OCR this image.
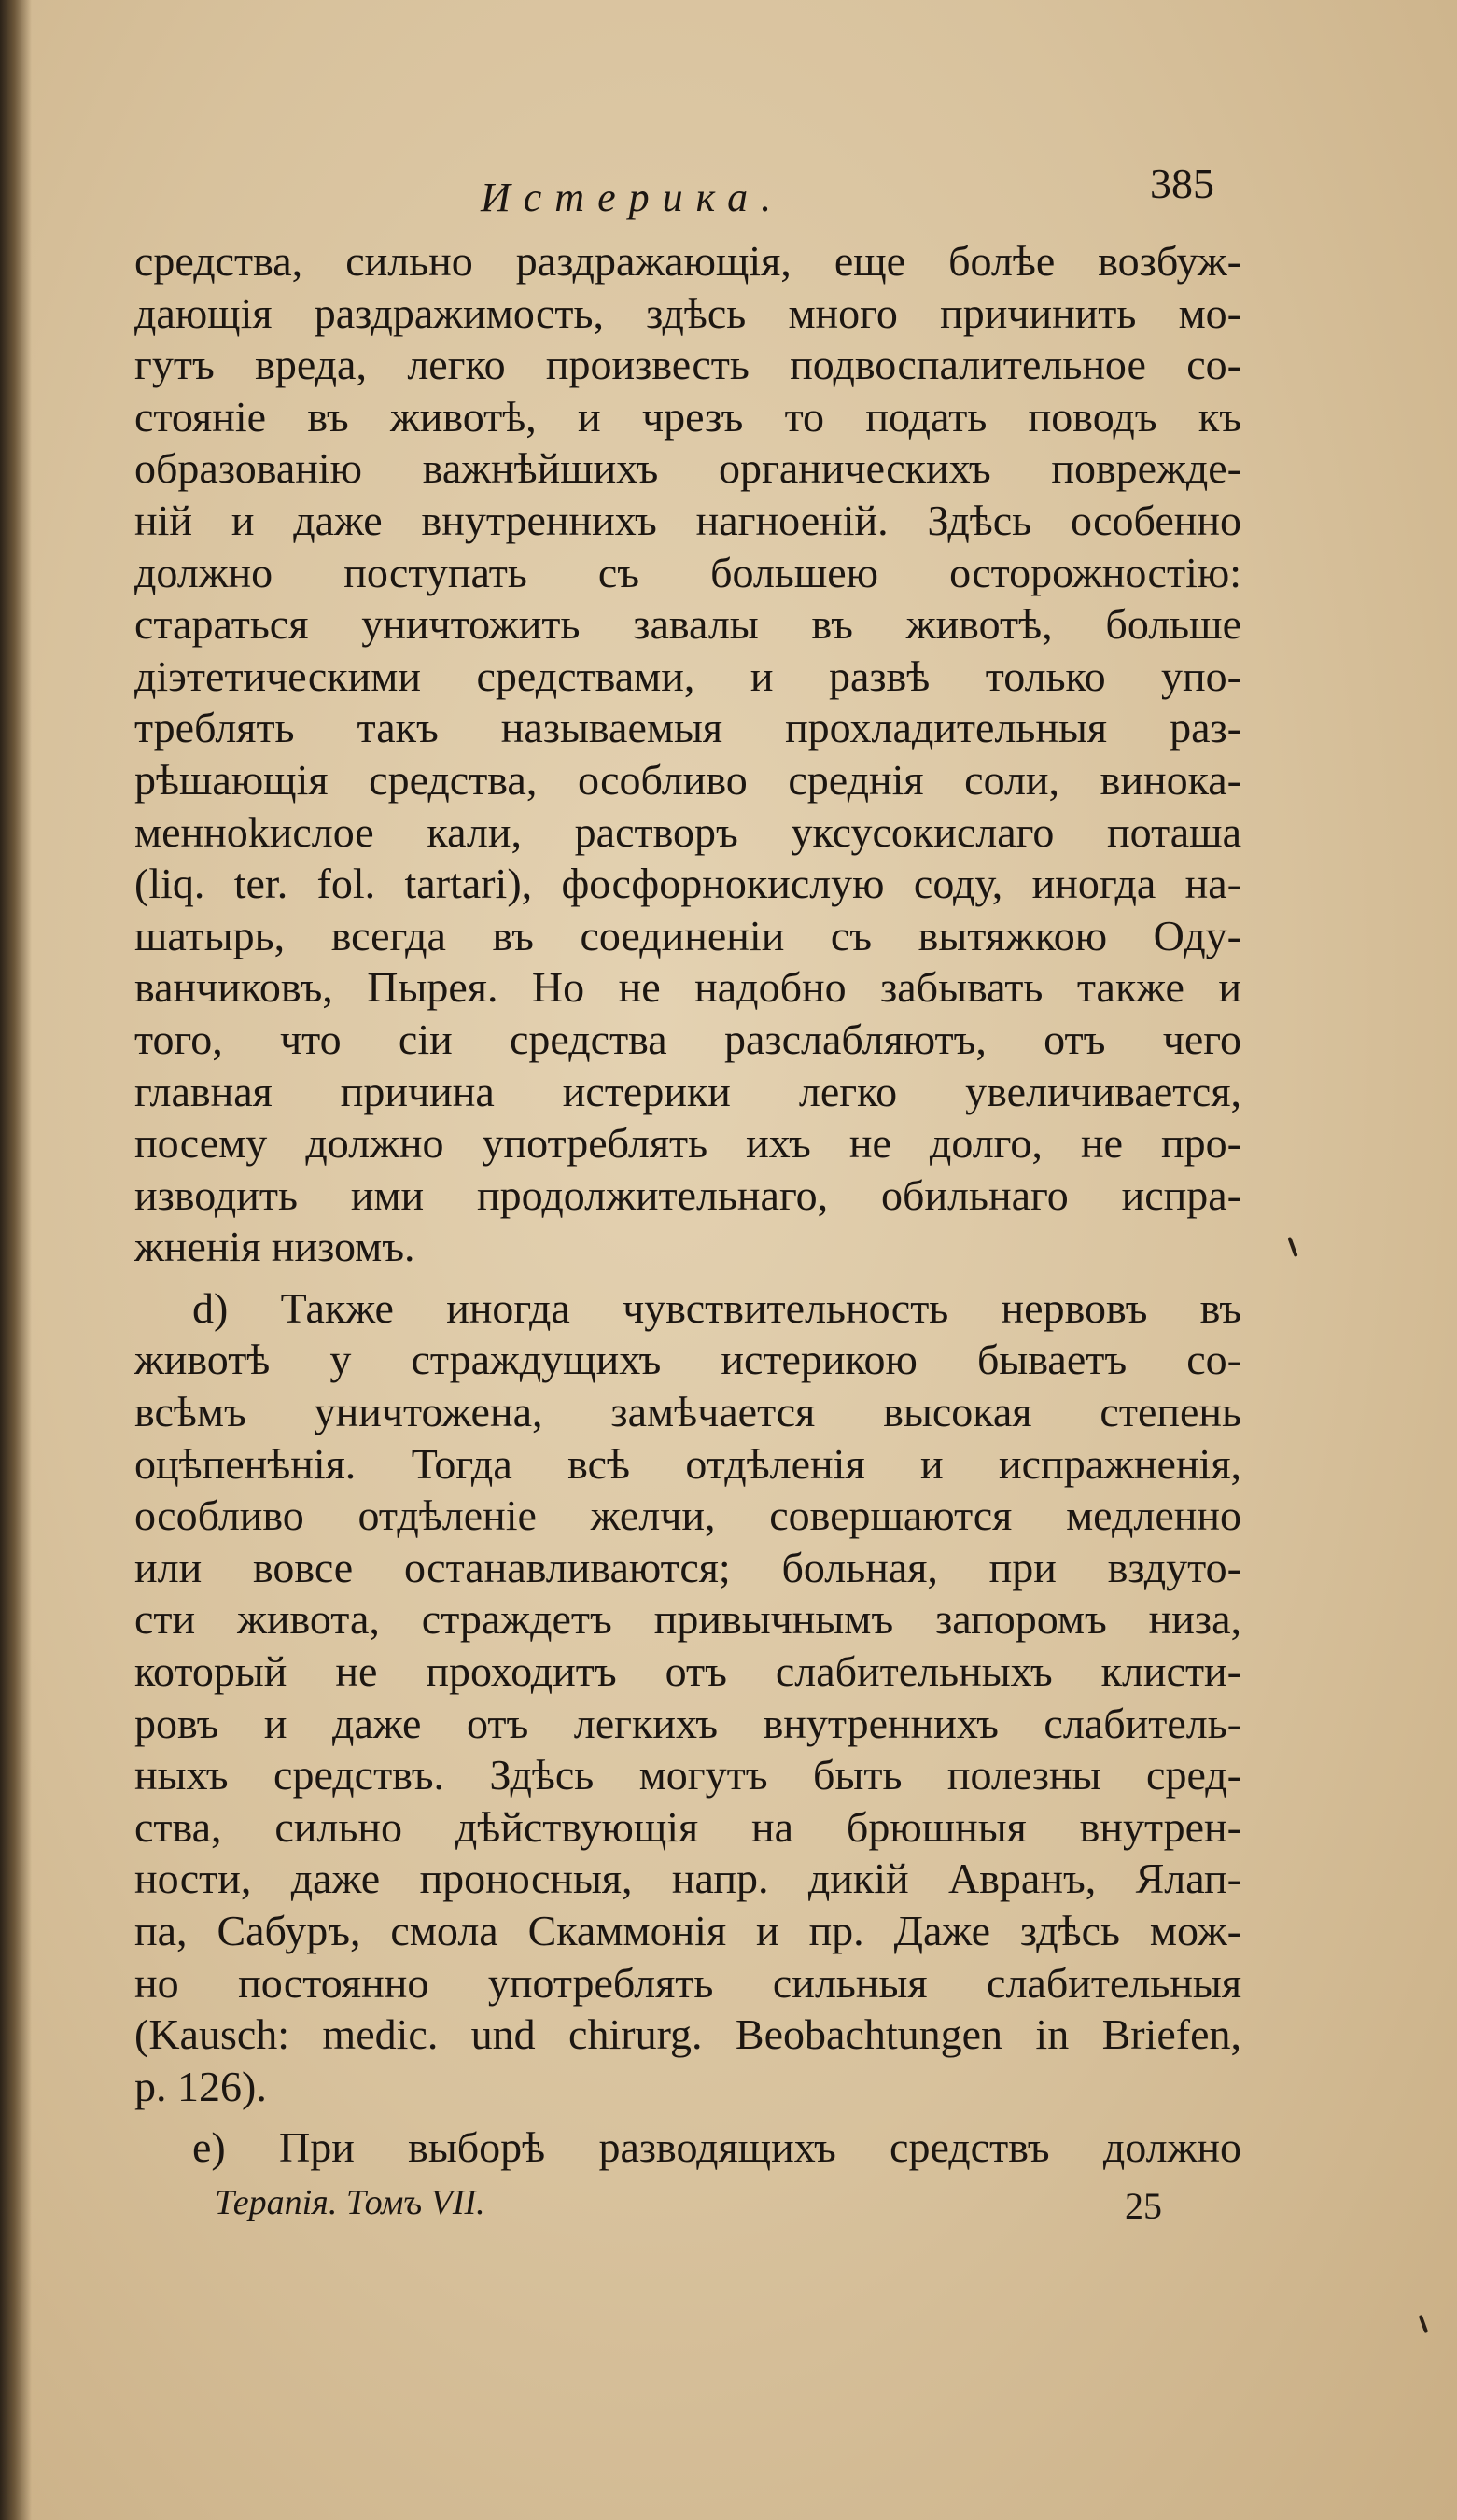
Истерика.	385
средства, сильно раздражающія, еще болѣе возбуж-
дающія раздражимость, здѣсь много причинить мо-
гутъ вреда, легко произвесть подвоспалительное со-
стояніе въ животѣ, и чрезъ то подать поводъ къ
образованію важнѣйшихъ органическихъ поврежде-
ній и даже внутреннихъ нагноеній. Здѣсь особенно
должно поступать съ большею осторожностію:
стараться уничтожить завалы въ животѣ, больше
діэтетическими средствами, и развѣ только упо-
треблять такъ называемыя прохладительныя раз-
рѣшающія средства, особливо среднія соли, винока-
менноkислое кали, растворъ уксусокислаго поташа
(liq. ter. fol. tartari), фосфорнокислую соду, иногда на-
шатырь, всегда въ соединеніи съ вытяжкою Оду-
ванчиковъ, Пырея. Но не надобно забывать также и
того, что сіи средства разслабляютъ, отъ чего
главная причина истерики легко увеличивается,
посему должно употреблять ихъ не долго, не про-
изводить ими продолжительнаго, обильнаго испра-
жненія низомъ.
d) Также иногда чувствительность нервовъ въ
животѣ у страждущихъ истерикою бываетъ со-
всѣмъ уничтожена, замѣчается высокая степень
оцѣпенѣнія. Тогда всѣ отдѣленія и испражненія,
особливо отдѣленіе желчи, совершаются медленно
или вовсе останавливаются; больная, при вздуто-
сти живота, страждетъ привычнымъ запоромъ низа,
который не проходитъ отъ слабительныхъ клисти-
ровъ и даже отъ легкихъ внутреннихъ слабитель-
ныхъ средствъ. Здѣсь могутъ быть полезны сред-
ства, сильно дѣйствующія на брюшныя внутрен-
ности, даже проносныя, напр. дикій Авранъ, Ялап-
па, Сабуръ, смола Скаммонія и пр. Даже здѣсь мож-
но постоянно употреблять сильныя слабительныя
(Kausch: medic. und chirurg. Beobachtungen in Briefen,
p. 126).
e) При выборѣ разводящихъ средствъ должно
Терапія. Томъ VII.	25
